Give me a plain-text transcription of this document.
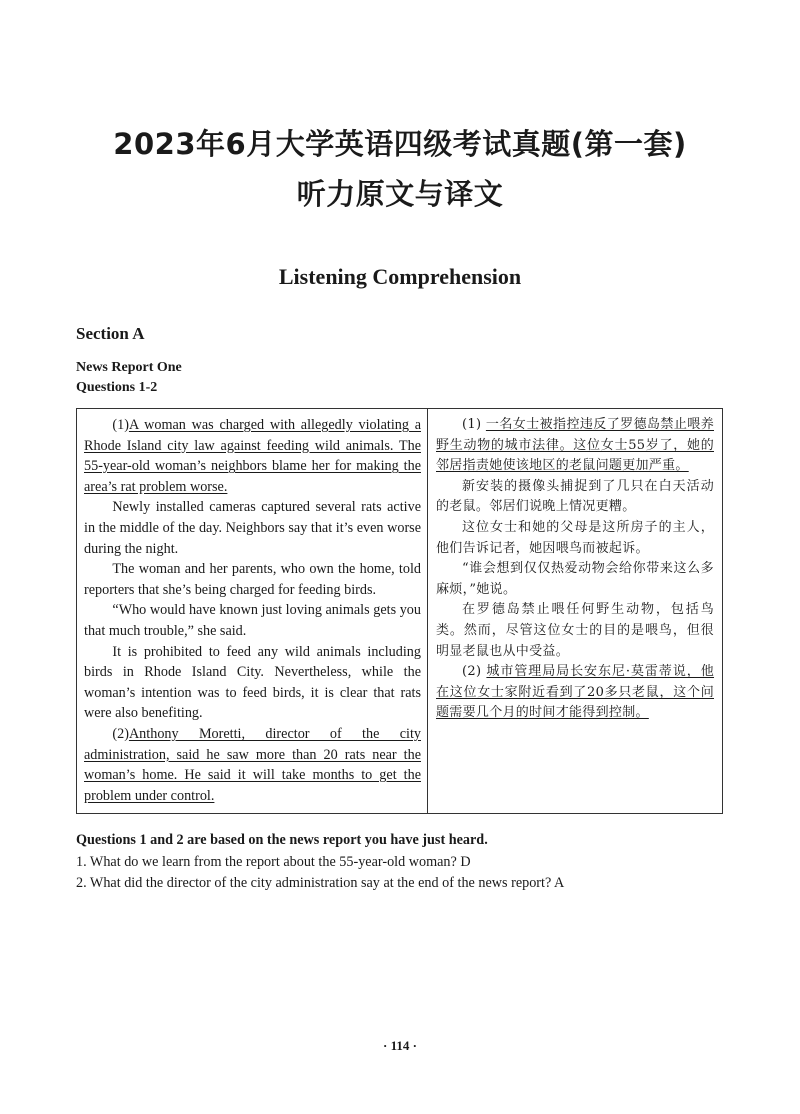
2023年6月大学英语四级考试真题(第一套)
听力原文与译文
Listening Comprehension
Section A
News Report One
Questions 1-2

(1)A woman was charged with allegedly violating a Rhode Island city law against feeding wild animals. The 55-year-old woman’s neighbors blame her for making the area’s rat problem worse.

Newly installed cameras captured several rats active in the middle of the day. Neighbors say that it’s even worse during the night.

The woman and her parents, who own the home, told reporters that she’s being charged for feeding birds.

“Who would have known just loving animals gets you that much trouble,” she said.

It is prohibited to feed any wild animals including birds in Rhode Island City. Nevertheless, while the woman’s intention was to feed birds, it is clear that rats were also benefiting.

(2)Anthony Moretti, director of the city administration, said he saw more than 20 rats near the woman’s home. He said it will take months to get the problem under control.

(1) 一名女士被指控违反了罗德岛禁止喂养野生动物的城市法律。这位女士55岁了，她的邻居指责她使该地区的老鼠问题更加严重。

新安装的摄像头捕捉到了几只在白天活动的老鼠。邻居们说晚上情况更糟。

这位女士和她的父母是这所房子的主人，他们告诉记者，她因喂鸟而被起诉。

“谁会想到仅仅热爱动物会给你带来这么多麻烦，”她说。

在罗德岛禁止喂任何野生动物，包括鸟类。然而，尽管这位女士的目的是喂鸟，但很明显老鼠也从中受益。

(2) 城市管理局局长安东尼·莫雷蒂说，他在这位女士家附近看到了20多只老鼠，这个问题需要几个月的时间才能得到控制。

Questions 1 and 2 are based on the news report you have just heard.
1. What do we learn from the report about the 55-year-old woman? D
2. What did the director of the city administration say at the end of the news report? A
· 114 ·
